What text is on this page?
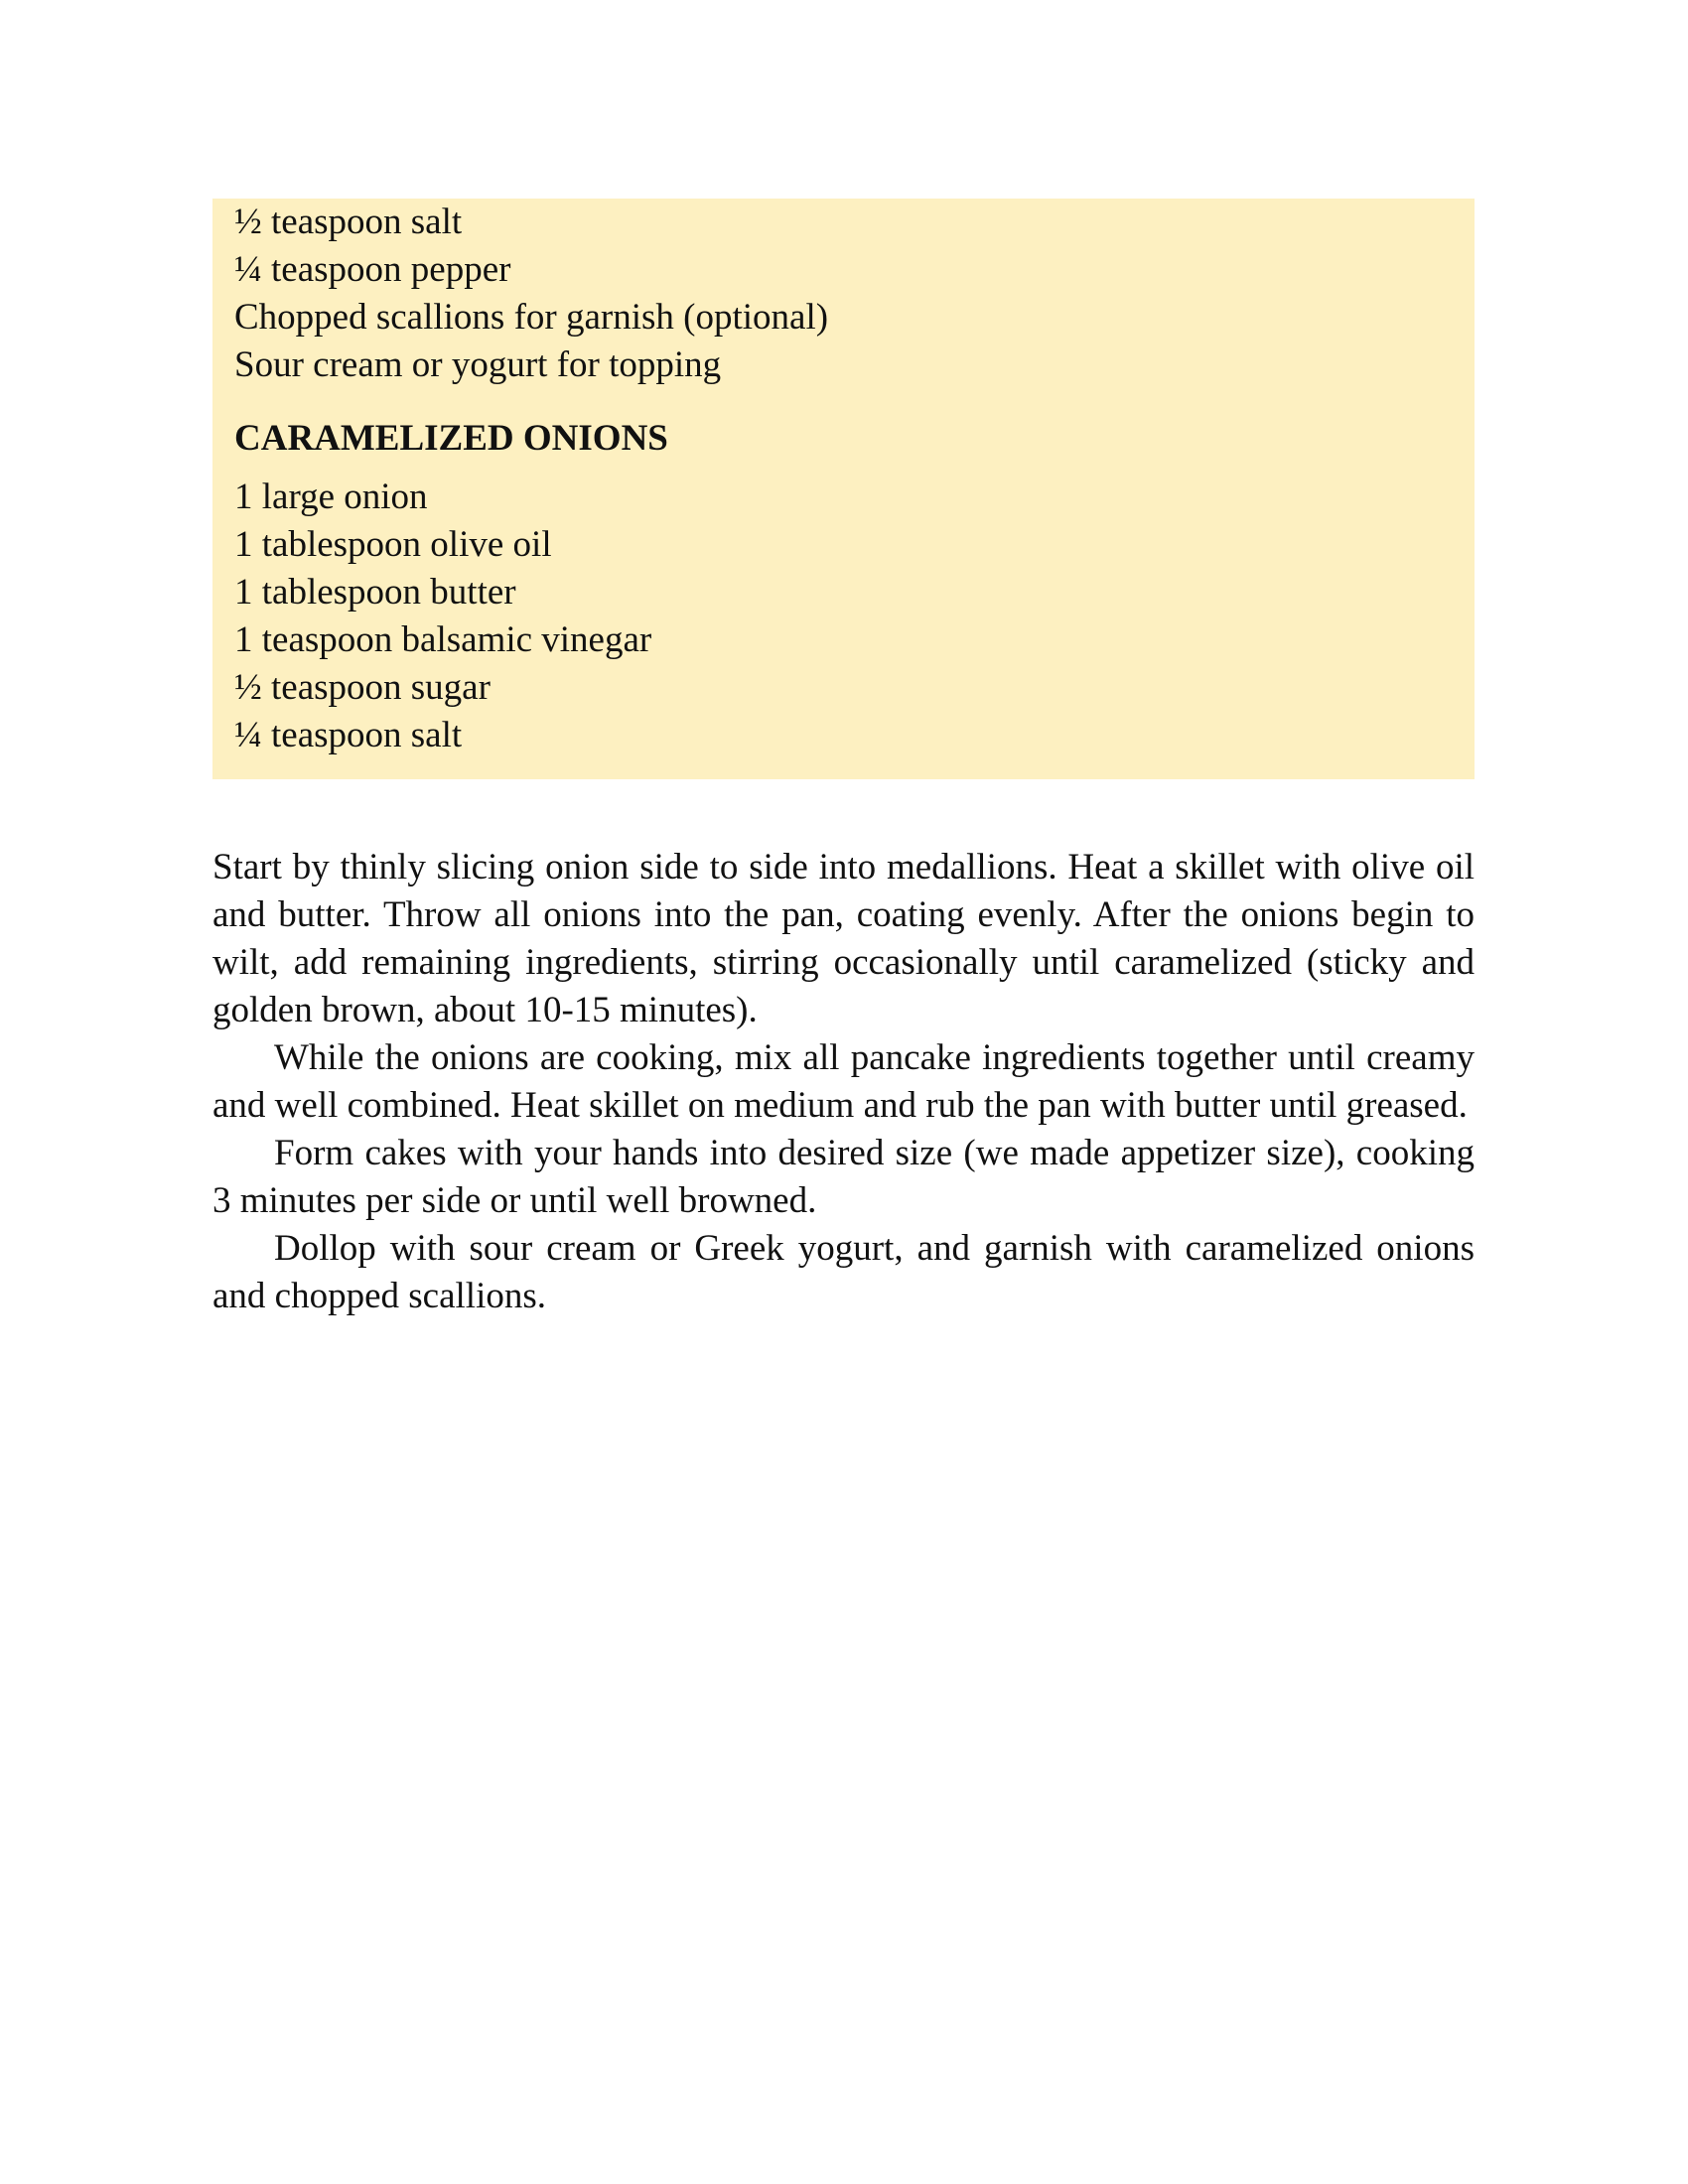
½ teaspoon salt
¼ teaspoon pepper
Chopped scallions for garnish (optional)
Sour cream or yogurt for topping
CARAMELIZED ONIONS
1 large onion
1 tablespoon olive oil
1 tablespoon butter
1 teaspoon balsamic vinegar
½ teaspoon sugar
¼ teaspoon salt

Start by thinly slicing onion side to side into medallions. Heat a skillet with olive oil and butter. Throw all onions into the pan, coating evenly. After the onions begin to wilt, add remaining ingredients, stirring occasionally until caramelized (sticky and golden brown, about 10-15 minutes).

While the onions are cooking, mix all pancake ingredients together until creamy and well combined. Heat skillet on medium and rub the pan with butter until greased.

Form cakes with your hands into desired size (we made appetizer size), cooking 3 minutes per side or until well browned.

Dollop with sour cream or Greek yogurt, and garnish with caramelized onions and chopped scallions.
